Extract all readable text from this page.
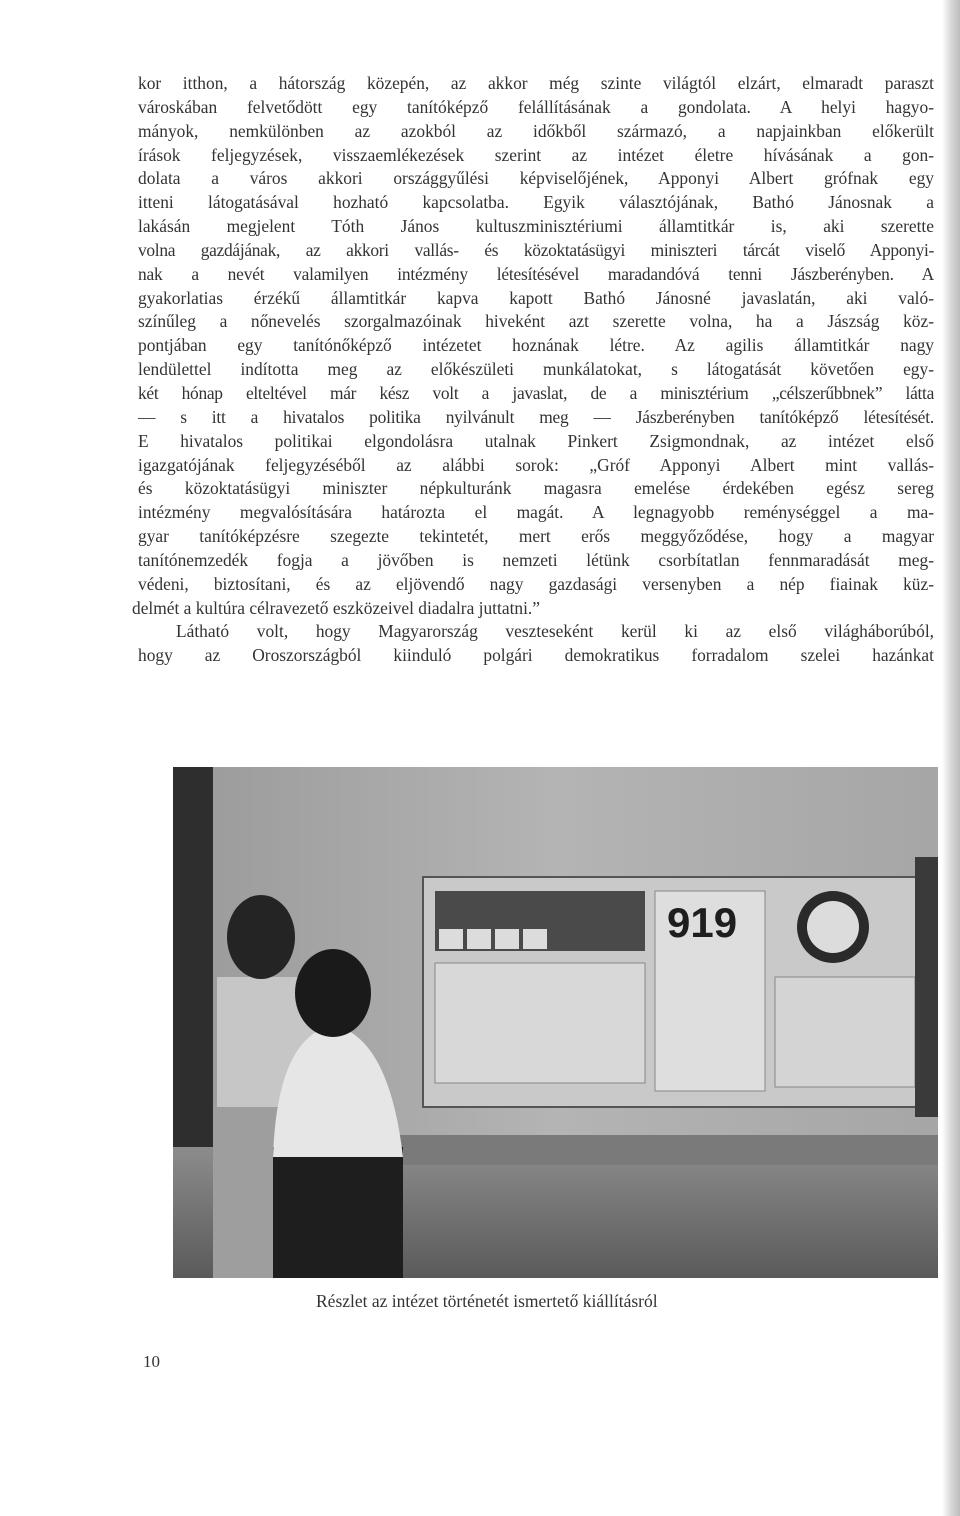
kor itthon, a hátország közepén, az akkor még szinte világtól elzárt, elmaradt paraszt
városkában felvetődött egy tanítóképző felállításának a gondolata. A helyi hagyo-
mányok, nemkülönben az azokból az időkből származó, a napjainkban előkerült
írások feljegyzések, visszaemlékezések szerint az intézet életre hívásának a gon-
dolata a város akkori országgyűlési képviselőjének, Apponyi Albert grófnak egy
itteni látogatásával hozható kapcsolatba. Egyik választójának, Bathó Jánosnak a
lakásán megjelent Tóth János kultuszminisztériumi államtitkár is, aki szerette
volna gazdájának, az akkori vallás- és közoktatásügyi miniszteri tárcát viselő Apponyi-
nak a nevét valamilyen intézmény létesítésével maradandóvá tenni Jászberényben. A
gyakorlatias érzékű államtitkár kapva kapott Bathó Jánosné javaslatán, aki való-
színűleg a nőnevelés szorgalmazóinak hiveként azt szerette volna, ha a Jászság köz-
pontjában egy tanítónőképző intézetet hoznának létre. Az agilis államtitkár nagy
lendülettel indította meg az előkészületi munkálatokat, s látogatását követően egy-
két hónap elteltével már kész volt a javaslat, de a minisztérium „célszerűbbnek” látta
— s itt a hivatalos politika nyilvánult meg — Jászberényben tanítóképző létesítését.
E hivatalos politikai elgondolásra utalnak Pinkert Zsigmondnak, az intézet első
igazgatójának feljegyzéséből az alábbi sorok: „Gróf Apponyi Albert mint vallás-
és közoktatásügyi miniszter népkulturánk magasra emelése érdekében egész sereg
intézmény megvalósítására határozta el magát. A legnagyobb reménységgel a ma-
gyar tanítóképzésre szegezte tekintetét, mert erős meggyőződése, hogy a magyar
tanítónemzedék fogja a jövőben is nemzeti létünk csorbítatlan fennmaradását meg-
védeni, biztosítani, és az eljövendő nagy gazdasági versenyben a nép fiainak küz-
delmét a kultúra célravezető eszközeivel diadalra juttatni.”
Látható volt, hogy Magyarország veszteseként kerül ki az első világháborúból,
hogy az Oroszországból kiinduló polgári demokratikus forradalom szelei hazánkat
919
Részlet az intézet történetét ismertető kiállításról
10
